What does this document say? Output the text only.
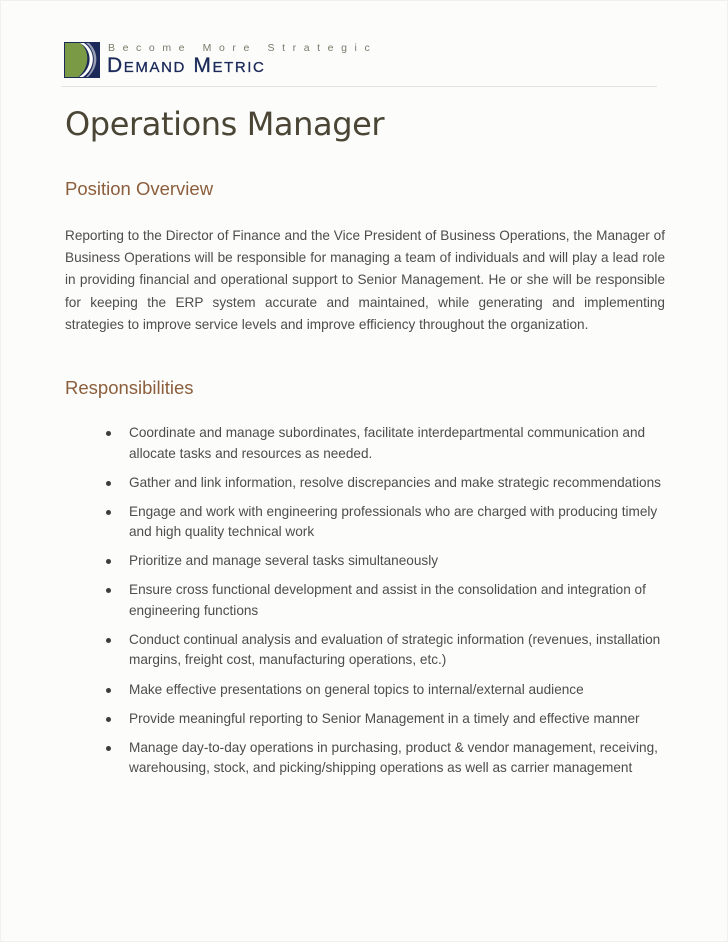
Become More Strategic
Demand Metric
Operations Manager
Position Overview

Reporting to the Director of Finance and the Vice President of Business Operations, the Manager of Business Operations will be responsible for managing a team of individuals and will play a lead role in providing financial and operational support to Senior Management. He or she will be responsible for keeping the ERP system accurate and maintained, while generating and implementing strategies to improve service levels and improve efficiency throughout the organization.

Responsibilities
Coordinate and manage subordinates, facilitate interdepartmental communication and allocate tasks and resources as needed.
Gather and link information, resolve discrepancies and make strategic recommendations
Engage and work with engineering professionals who are charged with producing timely and high quality technical work
Prioritize and manage several tasks simultaneously
Ensure cross functional development and assist in the consolidation and integration of engineering functions
Conduct continual analysis and evaluation of strategic information (revenues, installation margins, freight cost, manufacturing operations, etc.)
Make effective presentations on general topics to internal/external audience
Provide meaningful reporting to Senior Management in a timely and effective manner
Manage day-to-day operations in purchasing, product & vendor management, receiving, warehousing, stock, and picking/shipping operations as well as carrier management
